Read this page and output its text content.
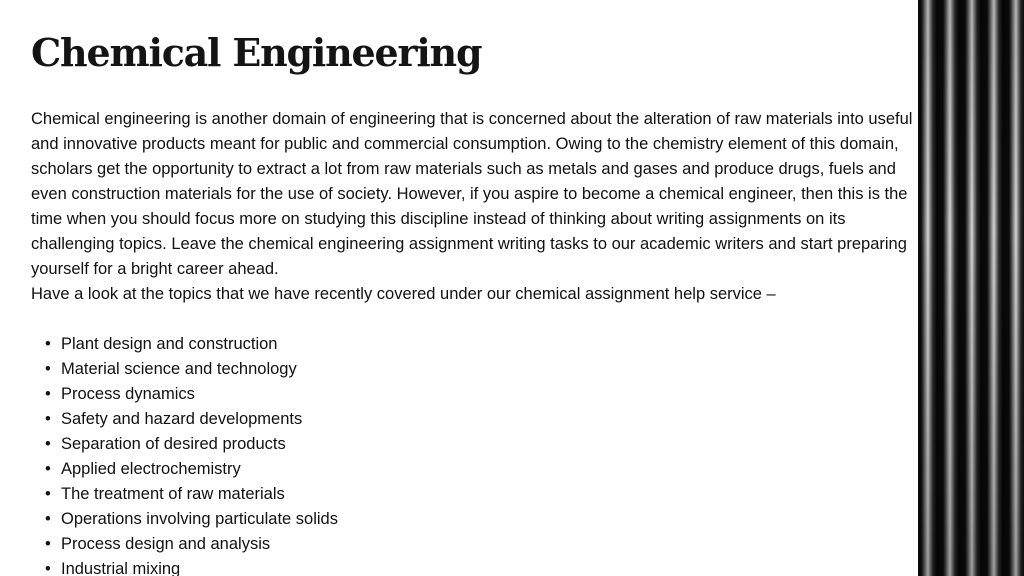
Chemical Engineering

Chemical engineering is another domain of engineering that is concerned about the alteration of raw materials into useful and innovative products meant for public and commercial consumption. Owing to the chemistry element of this domain, scholars get the opportunity to extract a lot from raw materials such as metals and gases and produce drugs, fuels and even construction materials for the use of society. However, if you aspire to become a chemical engineer, then this is the time when you should focus more on studying this discipline instead of thinking about writing assignments on its challenging topics. Leave the chemical engineering assignment writing tasks to our academic writers and start preparing yourself for a bright career ahead.

Have a look at the topics that we have recently covered under our chemical assignment help service –

• Plant design and construction
• Material science and technology
• Process dynamics
• Safety and hazard developments
• Separation of desired products
• Applied electrochemistry
• The treatment of raw materials
• Operations involving particulate solids
• Process design and analysis
• Industrial mixing
